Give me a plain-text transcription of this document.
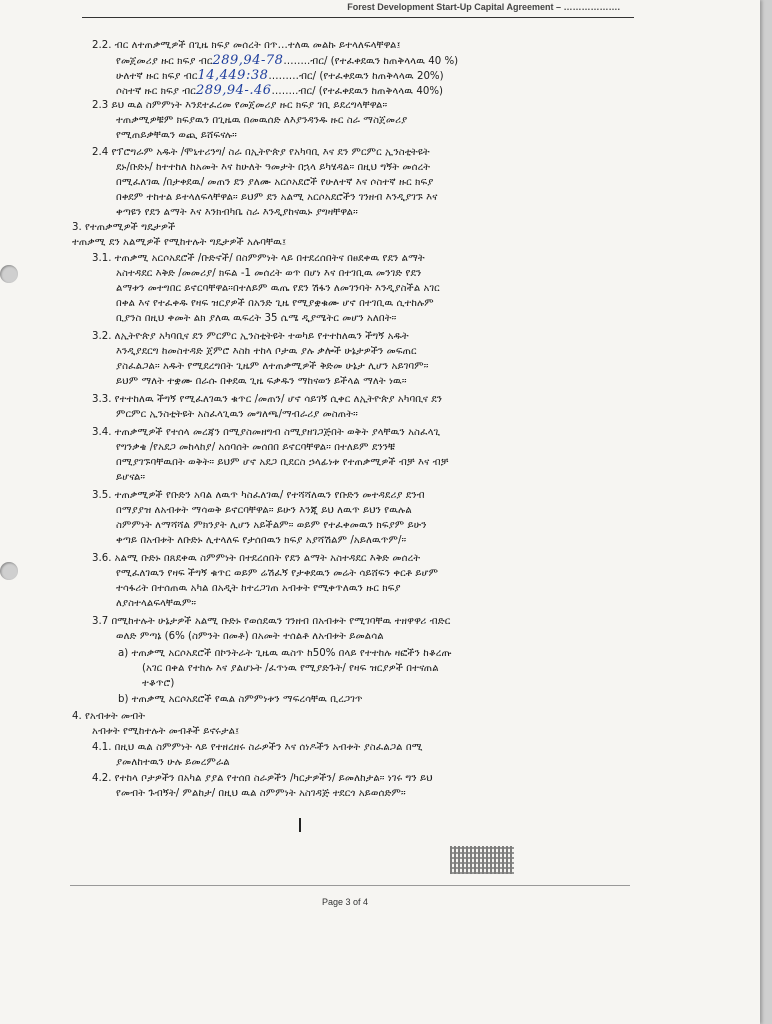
Forest Development Start-Up Capital Agreement – ……………….
2.2. ብር ለተጠቃሚዎች በጊዜ ክፍያ መሰረት በጥ…ተለዉ መልኩ ይተላለፍላቸዋል፤
የመጀመሪያ ዙር ክፍያ ብር289,94-78……..ብር/ (የተፈቀደዉን ከጠቅላላዉ 40 %)
ሁለተኛ ዙር ክፍያ ብር14,449:38………ብር/ (የተፈቀደዉን ከጠቅላላዉ 20%)
ሶስተኛ ዙር ክፍያ ብር289,94-.46……..ብር/ (የተፈቀደዉን ከጠቅላላዉ 40%)
2.3 ይህ ዉል ስምምነት እንደተፈረመ የመጀመሪያ ዙር ክፍያ ገቢ ይደረግላቸዋል።
ተጠቃሚዎቹም ክፍያዉን በጊዜዉ በመዉሰድ ለእያንዳንዱ ዙር ስራ ማስጀመሪያ
የሚጠይቃቸዉን ወጪ ይሸፍናሉ።
2.4 የፕሮግራም አዱት /ሞኒተሪንግ/ ስራ በኢትዮጵያ የአካባቢ እና ደን ምርምር ኢንስቲትዩት
ደኑ/ቡድኑ/ ከተተከለ ከአመት እና ከሁለት ዓመታት በኋላ ይካሄዳል። በዚህ ግኝት መሰረት
በሚፈለገዉ /በታቀደዉ/ መጠን ደን ያለሙ አርሶአደሮች የሁለተኛ እና ሶስተኛ ዙር ክፍያ
በቀደም ተከተል ይተላለፍላቸዋል። ይህም ደን አልሚ አርሶአደሮችን ገንዘብ እንዲያገኙ እና
ቀጣዩን የደን ልማት እና እንክብካቤ ስራ እንዲያከናዉኑ ያግዛቸዋል።
3. የተጠቃሚዎች ግዴታዎች
ተጠቃሚ ደን አልሚዎች የሚከተሉት ግዴታዎች አሉባቸዉ፤
3.1. ተጠቃሚ አርሶአደሮች /ቡድኖች/ በስምምነት ላይ በተደረሰበትና በፀደቀዉ የደን ልማት
አስተዳደር እቅድ /መመሪያ/ ክፍል -1 መሰረት ወጥ በሆነ እና በተገቢዉ መንገድ የደን
ልማቱን መተግበር ይኖርባቸዋል።በተለይም ዉጤ የደን ሽፋን ለመገንባት እንዲያስችል አገር
በቀል እና የተፈቀዱ የዛፍ ዝርያዎች በአንድ ጊዜ የሚያቋቁሙ ሆኖ በተገቢዉ ሲተከሉም
ቢያንስ በዚህ ቀመት ልክ ያለዉ ዉፍረት 35 ሴሜ ዲያሜትር መሆን አለበት።
3.2. ለኢትዮጵያ አካባቢና ደን ምርምር ኢንስቲትዩት ተወካይ የተተከለዉን ችግኝ አዱት
እንዲያደርግ ከመስተዳድ ጀምሮ እስከ ተከላ ቦታዉ ያሉ ቃሎች ሁኔታዎችን መፍጠር
ያስፈልጋል። አዱት የሚደረግበት ጊዜም ለተጠቃሚዎች ቅድመ ሁኔታ ሊሆን አይገባም።
ይህም ማለት ተቋሙ በራሱ በቀደዉ ጊዜ ፍቃዱን ማከናወን ይችላል ማለት ነዉ።
3.3. የተተከለዉ ችግኝ የሚፈለገዉን ቁጥር /መጠን/ ሆኖ ሳይገኝ ሲቀር ለኢትዮጵያ አካባቢና ደን
ምርምር ኢንስቲትዩት አስፈላጊዉን መግለጫ/ማብራሪያ መስጠት።
3.4. ተጠቃሚዎች የተሰላ መረጃን በሚያስመዘግብ ስሚያዘገጋጅበት ወቅት ያላቸዉን አስፈላጊ
የግንቃቄ /የአደጋ መከላከያ/ አሰባሰት መሰበበ ይኖርባቸዋል። በተለይም ደንንቹ
በሚያገኙባቸዉበት ወቅት። ይህም ሆኖ አደጋ ቢደርስ ኃላፊነቱ የተጠቃሚዎች ብቻ እና ብቻ
ይሆናል።
3.5. ተጠቃሚዎች የቡድን አባል ለዉጥ ካስፈለገዉ/ የተሻሻለዉን የቡድን መተዳደሪያ ደንብ
በማያያዝ ለአብቱት ማሳወቅ ይኖርባቸዋል። ይሁን እንጂ ይህ ለዉጥ ይህን የዉሉል
ስምምነት ለማሻሻል ምክንያት ሊሆን አይችልም። ወይም የተፈቀመዉን ክፍያም ይሁን
ቀጣይ በአብቱት ለቡድኑ ሊተላለፍ የታሰበዉን ክፍያ አያሻሽልም /አይለዉጥም/።
3.6. አልሚ ቡድኑ በጸደቀዉ ስምምነት በተደረሰበት የደን ልማት አስተዳደር እቅድ መሰረት
የሚፈለገዉን የዛፍ ችግኝ ቁጥር ወይም ሬሽፈኝ የታቀደዉን መሬት ሳይሸፍን ቀርቶ ይሆም
ተሳፋሪት በተሰጠዉ አካል በአዲት ከተረጋገጠ አብቱት የሚቀጥለዉን ዙር ክፍያ
ለያስተላልፍላቸዉም።
3.7 በሚከተሉት ሁኔታዎች አልሚ ቡድኑ የወሰደዉን ገንዘብ በአብቱት የሚገባቸዉ ተዘዋዋሪ ብድር
ወለድ ምጣኔ (6% (ስምንት በመቶ) በአመት ተሰልቶ ለአብቱት ይመልሳል
a) ተጠቃሚ አርሶአደሮች በኮንትራት ጊዜዉ ዉስጥ ከ50% በላይ የተተከሉ ዛፎችን ከቆረጡ
(አገር በቀል የተከሉ እና ያልሆኑት /ፈጥነዉ የሚያድጉት/ የዛፍ ዝርያዎች በተናጠል
ተቆጥሮ)
b) ተጠቃሚ አርሶአደሮች የዉል ስምምነቱን ማፍረሳቸዉ ቢረጋገጥ
4. የአብቱት መብት
አብቱት የሚከተሉት መብቶች ይኖሩታል፤
4.1. በዚህ ዉል ስምምነት ላይ የተዘረዘሩ ስራዎችን እና ሰነዶችን አብቱት ያስፈልጋል በሚ
ያመለከተዉን ሁሉ ይመረምራል
4.2. የተከላ ቦታዎችን በአካል ያያል የተሰበ ስራዎችን /ካርታዎችን/ ይመለከታል። ነገሩ ግን ይህ
የመብት ጉብኝት/ ምልከታ/ በዚህ ዉል ስምምነት አስገዳጅ ተደርጎ አይወሰድም።
Page 3 of 4
